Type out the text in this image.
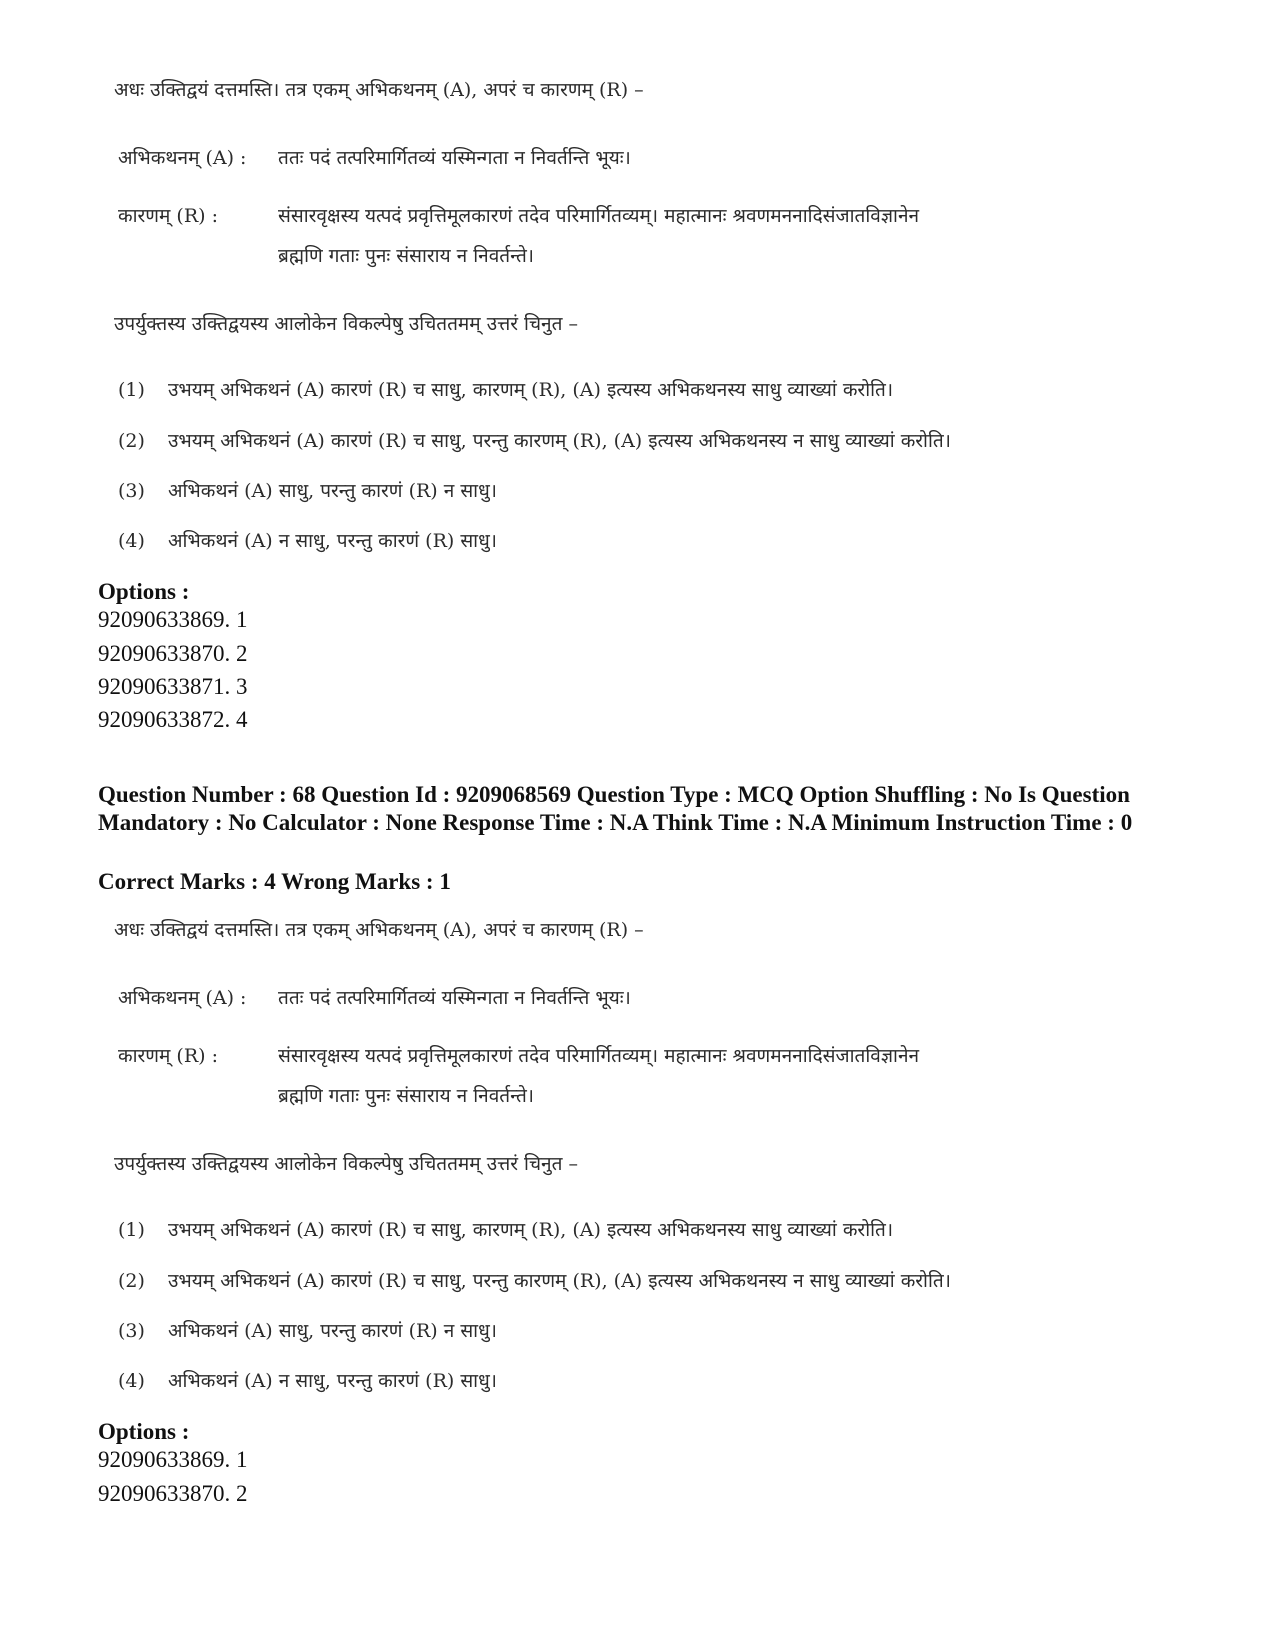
अधः उक्तिद्वयं दत्तमस्ति। तत्र एकम् अभिकथनम् (A), अपरं च कारणम् (R) –
अभिकथनम् (A) : ततः पदं तत्परिमार्गितव्यं यस्मिन्गता न निवर्तन्ति भूयः।
कारणम् (R) :	संसारवृक्षस्य यत्पदं प्रवृत्तिमूलकारणं तदेव परिमार्गितव्यम्। महात्मानः श्रवणमननादिसंजातविज्ञानेन
ब्रह्मणि गताः पुनः संसाराय न निवर्तन्ते।
उपर्युक्तस्य उक्तिद्वयस्य आलोकेन विकल्पेषु उचिततमम् उत्तरं चिनुत –
(1) उभयम् अभिकथनं (A) कारणं (R) च साधु, कारणम् (R), (A) इत्यस्य अभिकथनस्य साधु व्याख्यां करोति।
(2) उभयम् अभिकथनं (A) कारणं (R) च साधु, परन्तु कारणम् (R), (A) इत्यस्य अभिकथनस्य न साधु व्याख्यां करोति।
(3) अभिकथनं (A) साधु, परन्तु कारणं (R) न साधु।
(4) अभिकथनं (A) न साधु, परन्तु कारणं (R) साधु।
Options :
92090633869. 1
92090633870. 2
92090633871. 3
92090633872. 4
Question Number : 68 Question Id : 9209068569 Question Type : MCQ Option Shuffling : No Is Question Mandatory : No Calculator : None Response Time : N.A Think Time : N.A Minimum Instruction Time : 0
Correct Marks : 4 Wrong Marks : 1
अधः उक्तिद्वयं दत्तमस्ति। तत्र एकम् अभिकथनम् (A), अपरं च कारणम् (R) –
अभिकथनम् (A) : ततः पदं तत्परिमार्गितव्यं यस्मिन्गता न निवर्तन्ति भूयः।
कारणम् (R) :	संसारवृक्षस्य यत्पदं प्रवृत्तिमूलकारणं तदेव परिमार्गितव्यम्। महात्मानः श्रवणमननादिसंजातविज्ञानेन
ब्रह्मणि गताः पुनः संसाराय न निवर्तन्ते।
उपर्युक्तस्य उक्तिद्वयस्य आलोकेन विकल्पेषु उचिततमम् उत्तरं चिनुत –
(1) उभयम् अभिकथनं (A) कारणं (R) च साधु, कारणम् (R), (A) इत्यस्य अभिकथनस्य साधु व्याख्यां करोति।
(2) उभयम् अभिकथनं (A) कारणं (R) च साधु, परन्तु कारणम् (R), (A) इत्यस्य अभिकथनस्य न साधु व्याख्यां करोति।
(3) अभिकथनं (A) साधु, परन्तु कारणं (R) न साधु।
(4) अभिकथनं (A) न साधु, परन्तु कारणं (R) साधु।
Options :
92090633869. 1
92090633870. 2
